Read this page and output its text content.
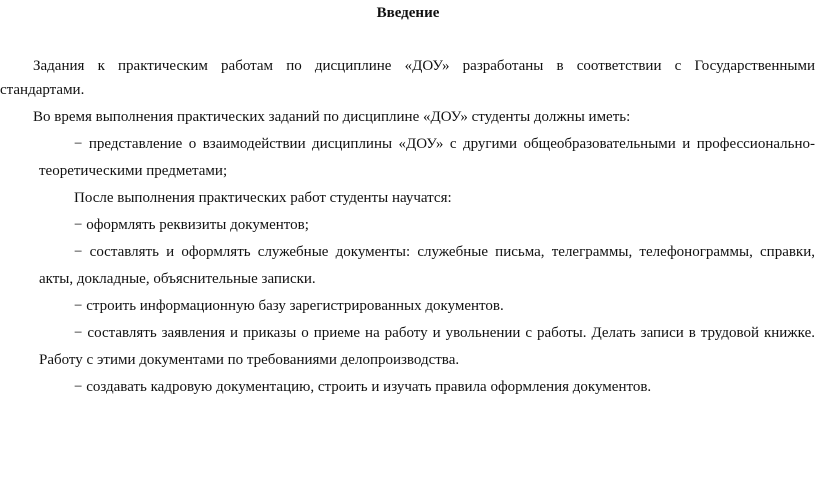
Введение
Задания к практическим работам по дисциплине «ДОУ» разработаны в соответствии с Государственными
стандартами.
Во время выполнения практических заданий по дисциплине «ДОУ» студенты должны иметь:
− представление о взаимодействии дисциплины «ДОУ» с другими общеобразовательными и профессионально-
теоретическими предметами;
После выполнения практических работ студенты научатся:
− оформлять реквизиты документов;
− составлять и оформлять служебные документы: служебные письма, телеграммы, телефонограммы, справки,
акты, докладные, объяснительные записки.
− строить информационную базу зарегистрированных документов.
− составлять заявления и приказы о приеме на работу и увольнении с работы. Делать записи в трудовой книжке.
Работу с этими документами по требованиями делопроизводства.
− создавать кадровую документацию, строить и изучать правила оформления документов.
